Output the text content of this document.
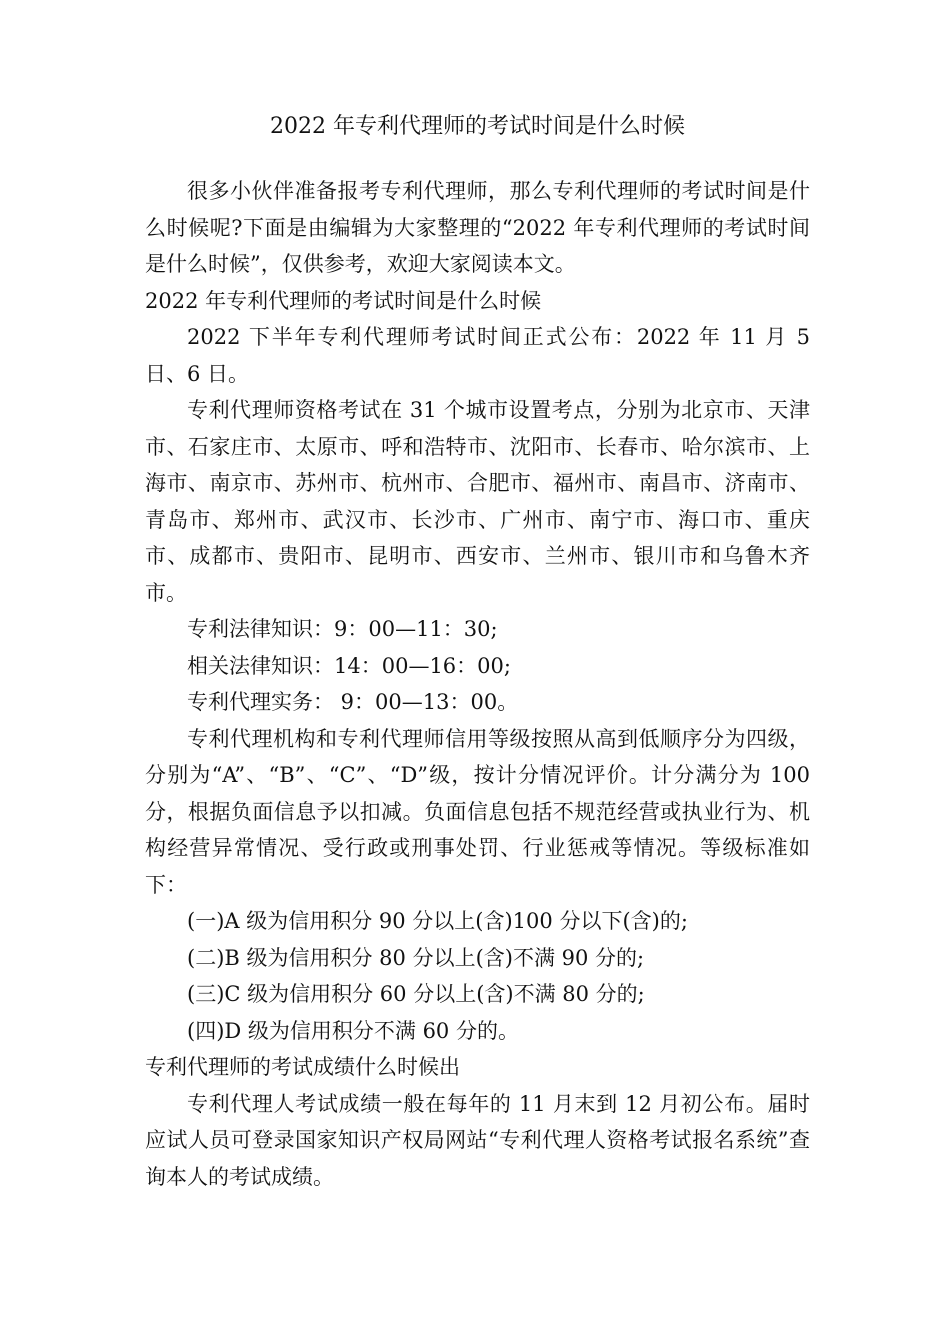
2022 年专利代理师的考试时间是什么时候

很多小伙伴准备报考专利代理师，那么专利代理师的考试时间是什么时候呢?下面是由编辑为大家整理的“2022 年专利代理师的考试时间是什么时候”，仅供参考，欢迎大家阅读本文。

2022 年专利代理师的考试时间是什么时候

2022 下半年专利代理师考试时间正式公布：2022 年 11 月 5 日、6 日。

专利代理师资格考试在 31 个城市设置考点，分别为北京市、天津市、石家庄市、太原市、呼和浩特市、沈阳市、长春市、哈尔滨市、上海市、南京市、苏州市、杭州市、合肥市、福州市、南昌市、济南市、青岛市、郑州市、武汉市、长沙市、广州市、南宁市、海口市、重庆市、成都市、贵阳市、昆明市、西安市、兰州市、银川市和乌鲁木齐市。

专利法律知识：9：00—11：30;

相关法律知识：14：00—16：00;

专利代理实务： 9：00—13：00。

专利代理机构和专利代理师信用等级按照从高到低顺序分为四级，分别为“A”、“B”、“C”、“D”级，按计分情况评价。计分满分为 100 分，根据负面信息予以扣减。负面信息包括不规范经营或执业行为、机构经营异常情况、受行政或刑事处罚、行业惩戒等情况。等级标准如下：

(一)A 级为信用积分 90 分以上(含)100 分以下(含)的;

(二)B 级为信用积分 80 分以上(含)不满 90 分的;

(三)C 级为信用积分 60 分以上(含)不满 80 分的;

(四)D 级为信用积分不满 60 分的。

专利代理师的考试成绩什么时候出

专利代理人考试成绩一般在每年的 11 月末到 12 月初公布。届时应试人员可登录国家知识产权局网站“专利代理人资格考试报名系统”查询本人的考试成绩。
